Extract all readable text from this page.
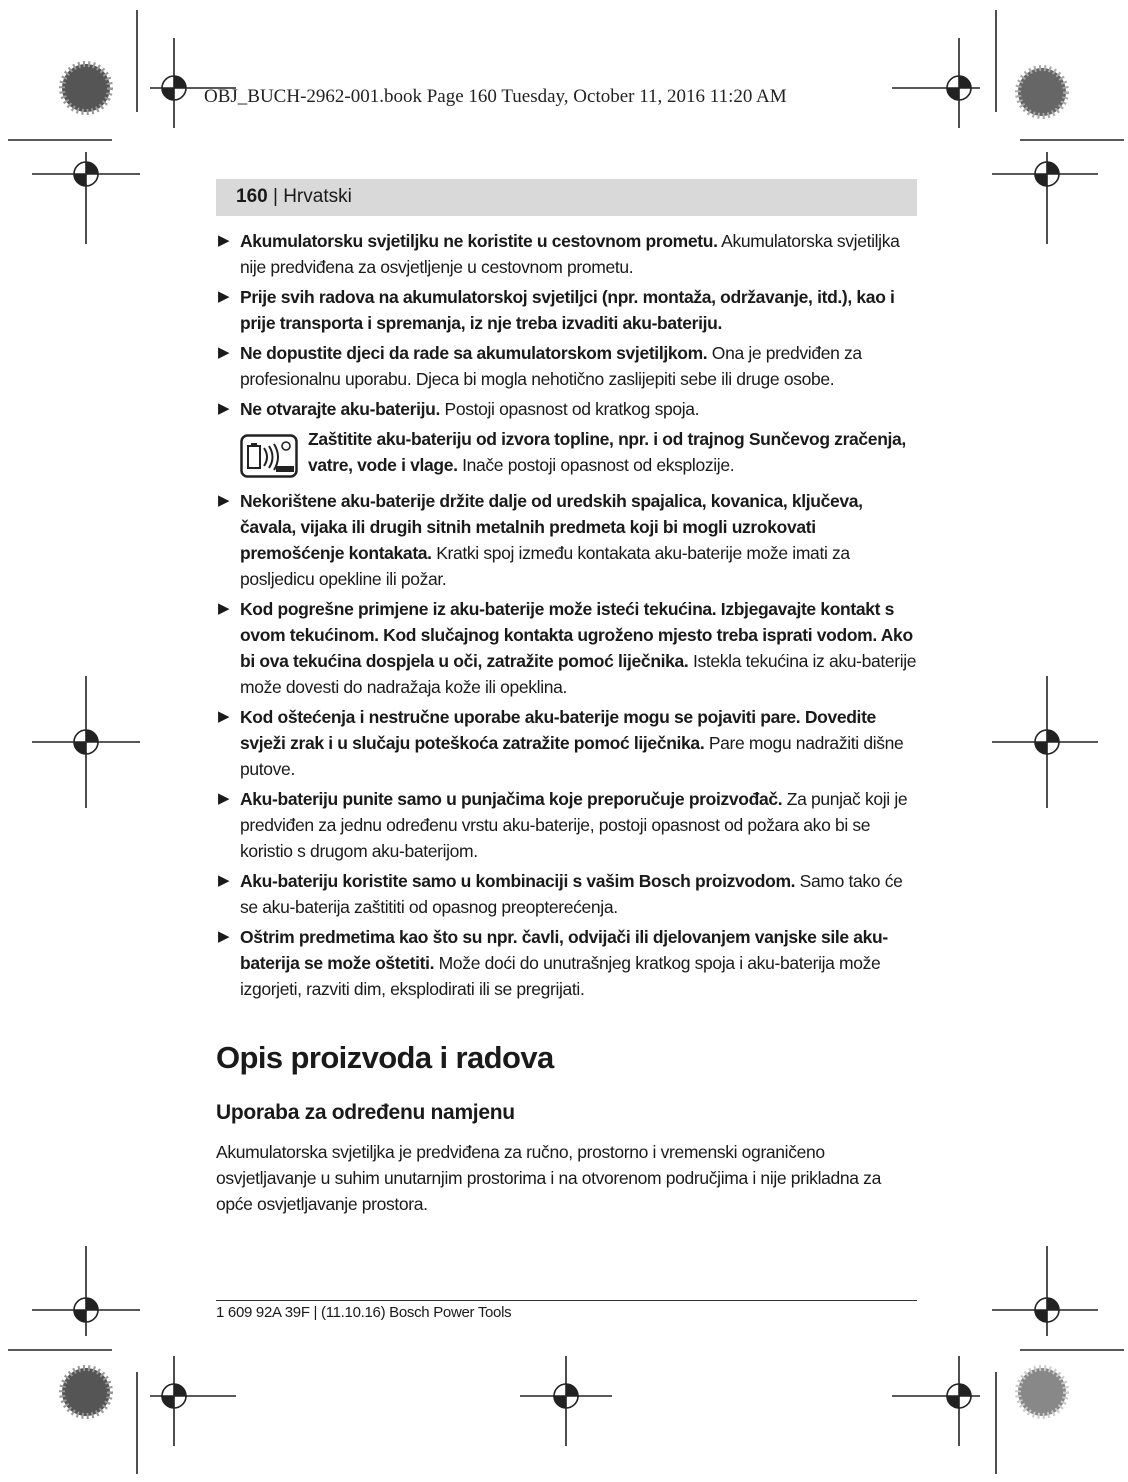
OBJ_BUCH-2962-001.book Page 160 Tuesday, October 11, 2016 11:20 AM
160 | Hrvatski
▶ Akumulatorsku svjetiljku ne koristite u cestovnom prometu. Akumulatorska svjetiljka nije predviđena za osvjetljenje u cestovnom prometu.
▶ Prije svih radova na akumulatorskoj svjetiljci (npr. montaža, održavanje, itd.), kao i prije transporta i spremanja, iz nje treba izvaditi aku-bateriju.
▶ Ne dopustite djeci da rade sa akumulatorskom svjetiljkom. Ona je predviđen za profesionalnu uporabu. Djeca bi mogla nehotično zaslijepiti sebe ili druge osobe.
▶ Ne otvarajte aku-bateriju. Postoji opasnost od kratkog spoja.
Zaštitite aku-bateriju od izvora topline, npr. i od trajnog Sunčevog zračenja, vatre, vode i vlage. Inače postoji opasnost od eksplozije.
▶ Nekorištene aku-baterije držite dalje od uredskih spajalica, kovanica, ključeva, čavala, vijaka ili drugih sitnih metalnih predmeta koji bi mogli uzrokovati premošćenje kontakata. Kratki spoj između kontakata aku-baterije može imati za posljedicu opekline ili požar.
▶ Kod pogrešne primjene iz aku-baterije može isteći tekućina. Izbjegavajte kontakt s ovom tekućinom. Kod slučajnog kontakta ugroženo mjesto treba isprati vodom. Ako bi ova tekućina dospjela u oči, zatražite pomoć liječnika. Istekla tekućina iz aku-baterije može dovesti do nadražaja kože ili opeklina.
▶ Kod oštećenja i nestručne uporabe aku-baterije mogu se pojaviti pare. Dovedite svježi zrak i u slučaju poteškoća zatražite pomoć liječnika. Pare mogu nadražiti dišne putove.
▶ Aku-bateriju punite samo u punjačima koje preporučuje proizvođač. Za punjač koji je predviđen za jednu određenu vrstu aku-baterije, postoji opasnost od požara ako bi se koristio s drugom aku-baterijom.
▶ Aku-bateriju koristite samo u kombinaciji s vašim Bosch proizvodom. Samo tako će se aku-baterija zaštititi od opasnog preopterećenja.
▶ Oštrim predmetima kao što su npr. čavli, odvijači ili djelovanjem vanjske sile aku-baterija se može oštetiti. Može doći do unutrašnjeg kratkog spoja i aku-baterija može izgorjeti, razviti dim, eksplodirati ili se pregrijati.
Opis proizvoda i radova
Uporaba za određenu namjenu
Akumulatorska svjetiljka je predviđena za ručno, prostorno i vremenski ograničeno osvjetljavanje u suhim unutarnjim prostorima i na otvorenom područjima i nije prikladna za opće osvjetljavanje prostora.
1 609 92A 39F | (11.10.16) Bosch Power Tools
